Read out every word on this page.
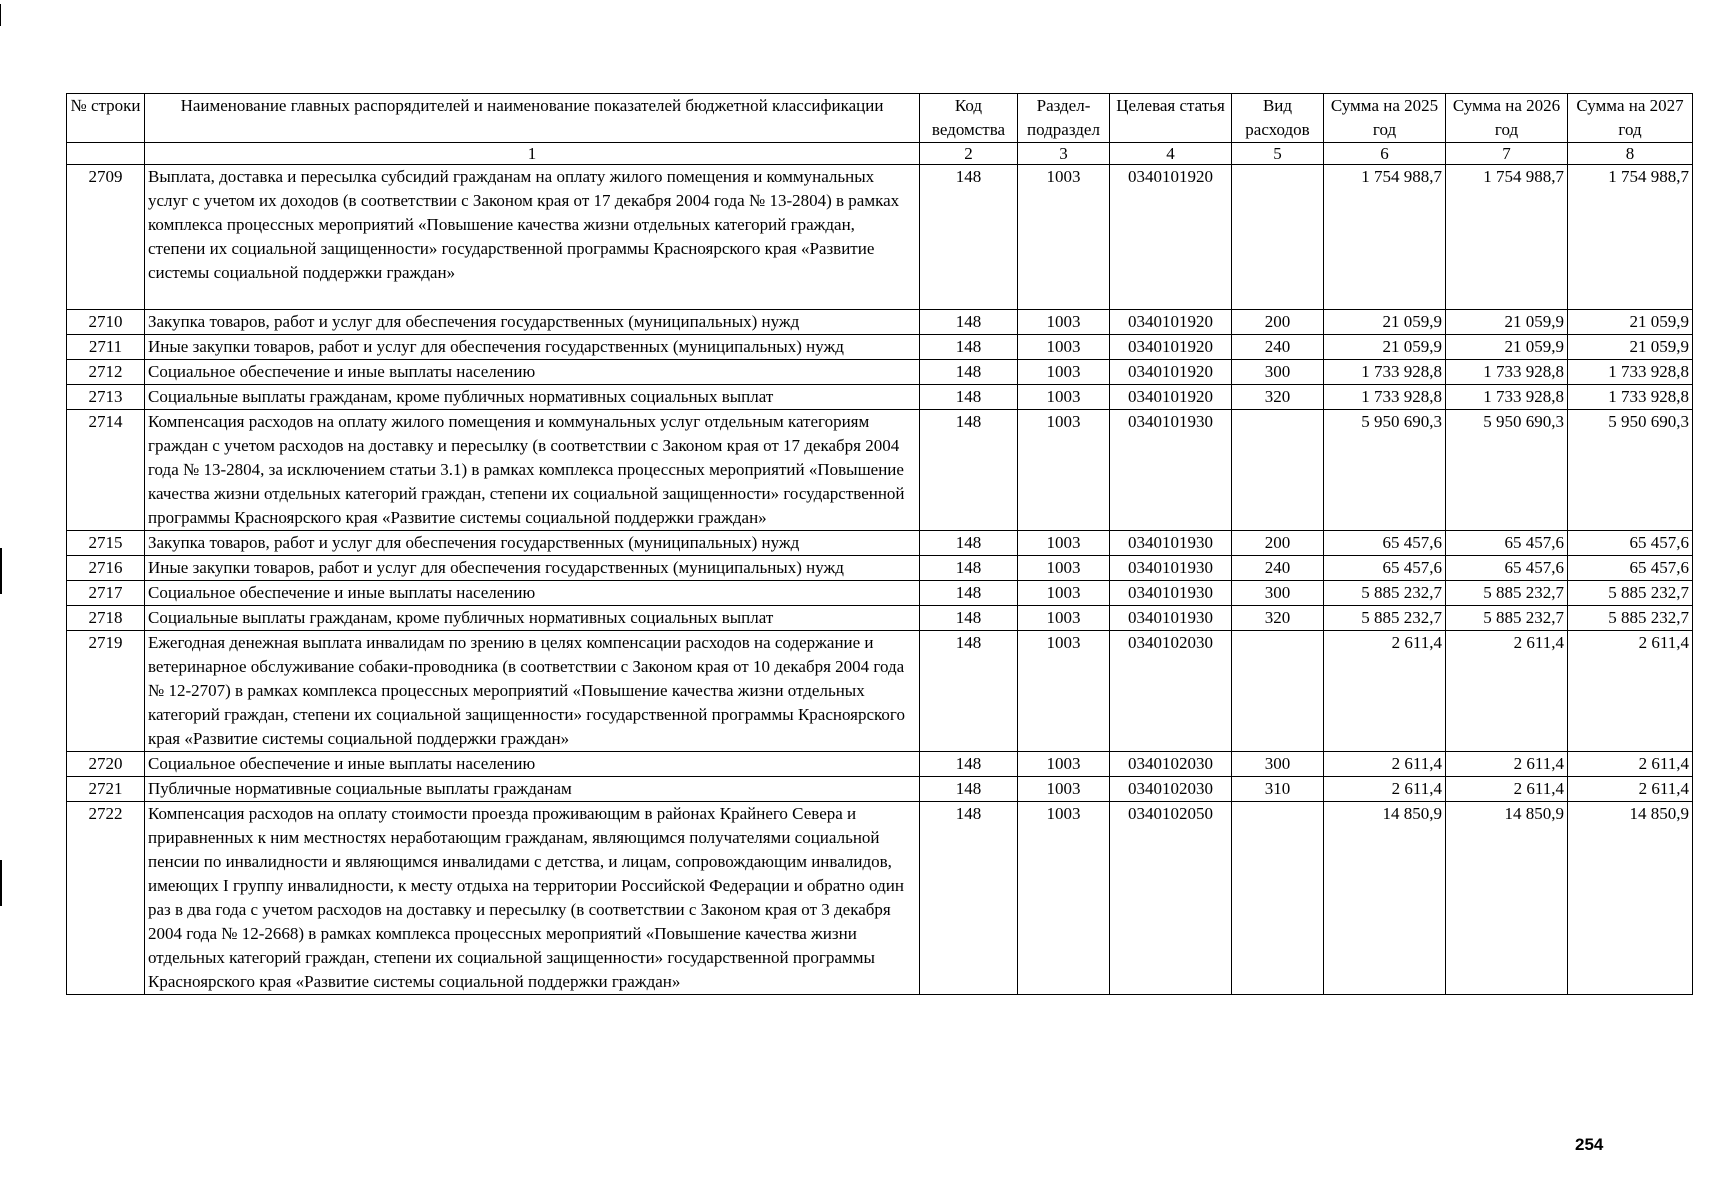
№ строки	Наименование главных распорядителей и наименование показателей бюджетной классификации	Код ведомства	Раздел-подраздел	Целевая статья	Вид расходов	Сумма на 2025 год	Сумма на 2026 год	Сумма на 2027 год
	1	2	3	4	5	6	7	8
2709	Выплата, доставка и пересылка субсидий гражданам на оплату жилого помещения и коммунальных услуг с учетом их доходов (в соответствии с Законом края от 17 декабря 2004 года № 13-2804) в рамках комплекса процессных мероприятий «Повышение качества жизни отдельных категорий граждан, степени их социальной защищенности» государственной программы Красноярского края «Развитие системы социальной поддержки граждан»	148	1003	0340101920		1 754 988,7	1 754 988,7	1 754 988,7
2710	Закупка товаров, работ и услуг для обеспечения государственных (муниципальных) нужд	148	1003	0340101920	200	21 059,9	21 059,9	21 059,9
2711	Иные закупки товаров, работ и услуг для обеспечения государственных (муниципальных) нужд	148	1003	0340101920	240	21 059,9	21 059,9	21 059,9
2712	Социальное обеспечение и иные выплаты населению	148	1003	0340101920	300	1 733 928,8	1 733 928,8	1 733 928,8
2713	Социальные выплаты гражданам, кроме публичных нормативных социальных выплат	148	1003	0340101920	320	1 733 928,8	1 733 928,8	1 733 928,8
2714	Компенсация расходов на оплату жилого помещения и коммунальных услуг отдельным категориям граждан с учетом расходов на доставку и пересылку (в соответствии с Законом края от 17 декабря 2004 года № 13-2804, за исключением статьи 3.1) в рамках комплекса процессных мероприятий «Повышение качества жизни отдельных категорий граждан, степени их социальной защищенности» государственной программы Красноярского края «Развитие системы социальной поддержки граждан»	148	1003	0340101930		5 950 690,3	5 950 690,3	5 950 690,3
2715	Закупка товаров, работ и услуг для обеспечения государственных (муниципальных) нужд	148	1003	0340101930	200	65 457,6	65 457,6	65 457,6
2716	Иные закупки товаров, работ и услуг для обеспечения государственных (муниципальных) нужд	148	1003	0340101930	240	65 457,6	65 457,6	65 457,6
2717	Социальное обеспечение и иные выплаты населению	148	1003	0340101930	300	5 885 232,7	5 885 232,7	5 885 232,7
2718	Социальные выплаты гражданам, кроме публичных нормативных социальных выплат	148	1003	0340101930	320	5 885 232,7	5 885 232,7	5 885 232,7
2719	Ежегодная денежная выплата инвалидам по зрению в целях компенсации расходов на содержание и ветеринарное обслуживание собаки-проводника (в соответствии с Законом края от 10 декабря 2004 года № 12-2707) в рамках комплекса процессных мероприятий «Повышение качества жизни отдельных категорий граждан, степени их социальной защищенности» государственной программы Красноярского края «Развитие системы социальной поддержки граждан»	148	1003	0340102030		2 611,4	2 611,4	2 611,4
2720	Социальное обеспечение и иные выплаты населению	148	1003	0340102030	300	2 611,4	2 611,4	2 611,4
2721	Публичные нормативные социальные выплаты гражданам	148	1003	0340102030	310	2 611,4	2 611,4	2 611,4
2722	Компенсация расходов на оплату стоимости проезда проживающим в районах Крайнего Севера и приравненных к ним местностях неработающим гражданам, являющимся получателями социальной пенсии по инвалидности и являющимся инвалидами с детства, и лицам, сопровождающим инвалидов, имеющих I группу инвалидности, к месту отдыха на территории Российской Федерации и обратно один раз в два года с учетом расходов на доставку и пересылку (в соответствии с Законом края от 3 декабря 2004 года № 12-2668) в рамках комплекса процессных мероприятий «Повышение качества жизни отдельных категорий граждан, степени их социальной защищенности» государственной программы Красноярского края «Развитие системы социальной поддержки граждан»	148	1003	0340102050		14 850,9	14 850,9	14 850,9
254
